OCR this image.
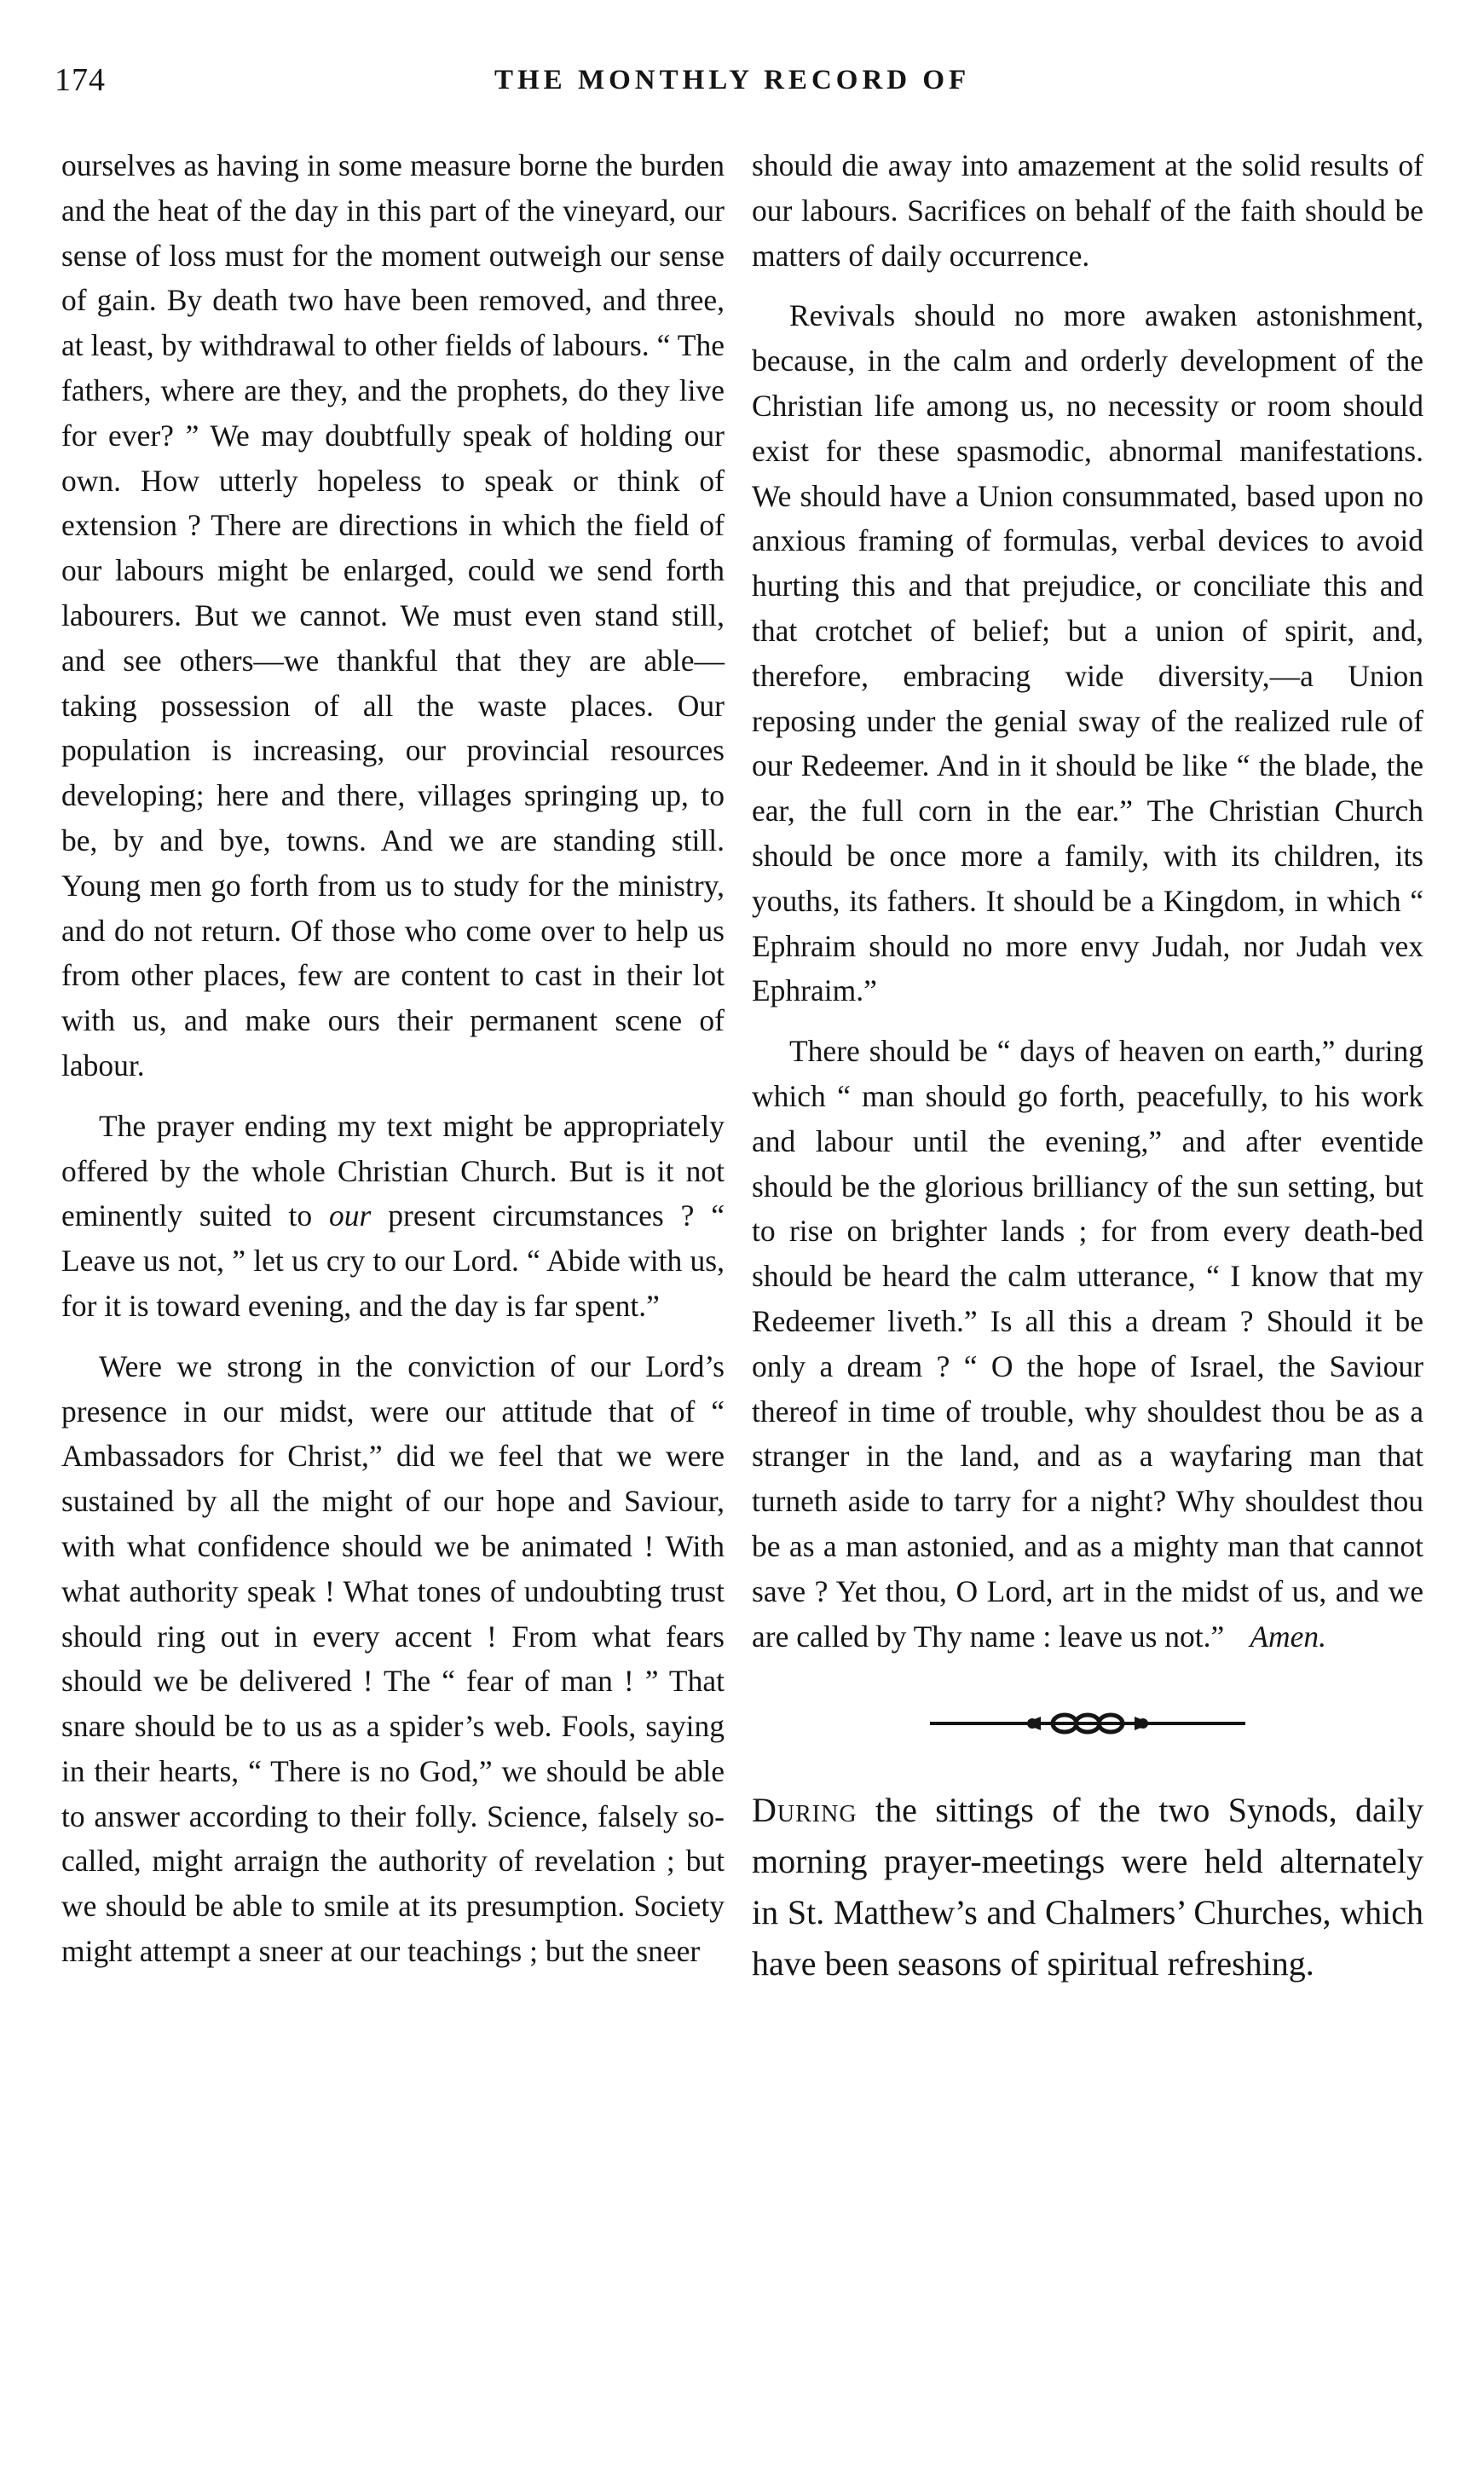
174	THE MONTHLY RECORD OF

ourselves as having in some measure borne the burden and the heat of the day in this part of the vineyard, our sense of loss must for the moment outweigh our sense of gain. By death two have been removed, and three, at least, by withdrawal to other fields of labours. “ The fathers, where are they, and the prophets, do they live for ever? ” We may doubtfully speak of holding our own. How utterly hopeless to speak or think of extension ? There are directions in which the field of our labours might be enlarged, could we send forth labourers. But we cannot. We must even stand still, and see others—we thankful that they are able—taking possession of all the waste places. Our population is increasing, our provincial resources developing; here and there, villages springing up, to be, by and bye, towns. And we are standing still. Young men go forth from us to study for the ministry, and do not return. Of those who come over to help us from other places, few are content to cast in their lot with us, and make ours their permanent scene of labour.

The prayer ending my text might be appropriately offered by the whole Christian Church. But is it not eminently suited to our present circumstances ? “ Leave us not, ” let us cry to our Lord. “ Abide with us, for it is toward evening, and the day is far spent.”

Were we strong in the conviction of our Lord’s presence in our midst, were our attitude that of “ Ambassadors for Christ,” did we feel that we were sustained by all the might of our hope and Saviour, with what confidence should we be animated ! With what authority speak ! What tones of undoubting trust should ring out in every accent ! From what fears should we be delivered ! The “ fear of man ! ” That snare should be to us as a spider’s web. Fools, saying in their hearts, “ There is no God,” we should be able to answer according to their folly. Science, falsely so-called, might arraign the authority of revelation ; but we should be able to smile at its presumption. Society might attempt a sneer at our teachings ; but the sneer

should die away into amazement at the solid results of our labours. Sacrifices on behalf of the faith should be matters of daily occurrence.

Revivals should no more awaken astonishment, because, in the calm and orderly development of the Christian life among us, no necessity or room should exist for these spasmodic, abnormal manifestations. We should have a Union consummated, based upon no anxious framing of formulas, verbal devices to avoid hurting this and that prejudice, or conciliate this and that crotchet of belief; but a union of spirit, and, therefore, embracing wide diversity,—a Union reposing under the genial sway of the realized rule of our Redeemer. And in it should be like “ the blade, the ear, the full corn in the ear.” The Christian Church should be once more a family, with its children, its youths, its fathers. It should be a Kingdom, in which “ Ephraim should no more envy Judah, nor Judah vex Ephraim.”

There should be “ days of heaven on earth,” during which “ man should go forth, peacefully, to his work and labour until the evening,” and after eventide should be the glorious brilliancy of the sun setting, but to rise on brighter lands ; for from every death-bed should be heard the calm utterance, “ I know that my Redeemer liveth.” Is all this a dream ? Should it be only a dream ? “ O the hope of Israel, the Saviour thereof in time of trouble, why shouldest thou be as a stranger in the land, and as a wayfaring man that turneth aside to tarry for a night? Why shouldest thou be as a man astonied, and as a mighty man that cannot save ? Yet thou, O Lord, art in the midst of us, and we are called by Thy name : leave us not.” Amen.

During the sittings of the two Synods, daily morning prayer-meetings were held alternately in St. Matthew’s and Chalmers’ Churches, which have been seasons of spiritual refreshing.
